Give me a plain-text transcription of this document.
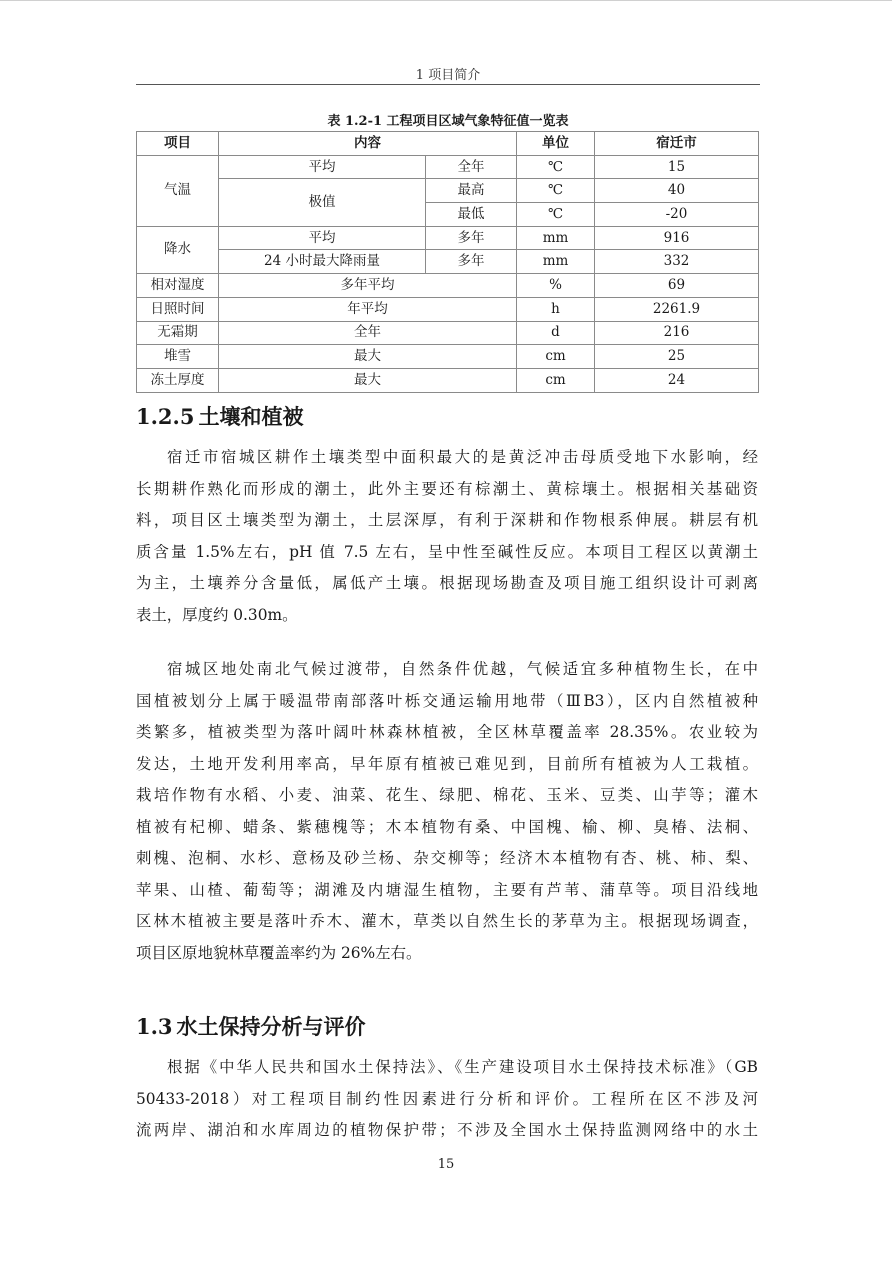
1 项目简介
表 1.2-1 工程项目区域气象特征值一览表
项目	内容		单位	宿迁市
气温	平均	全年	℃	15
	极值	最高	℃	40
		最低	℃	-20
降水	平均	多年	mm	916
	24 小时最大降雨量	多年	mm	332
相对湿度	多年平均		%	69
日照时间	年平均		h	2261.9
无霜期	全年		d	216
堆雪	最大		cm	25
冻土厚度	最大		cm	24
1.2.5 土壤和植被
宿迁市宿城区耕作土壤类型中面积最大的是黄泛冲击母质受地下水影响，经
长期耕作熟化而形成的潮土，此外主要还有棕潮土、黄棕壤土。根据相关基础资
料，项目区土壤类型为潮土，土层深厚，有利于深耕和作物根系伸展。耕层有机
质含量 1.5%左右，pH 值 7.5 左右，呈中性至碱性反应。本项目工程区以黄潮土
为主，土壤养分含量低，属低产土壤。根据现场勘查及项目施工组织设计可剥离
表土，厚度约 0.30m。
宿城区地处南北气候过渡带，自然条件优越，气候适宜多种植物生长，在中
国植被划分上属于暖温带南部落叶栎交通运输用地带（ⅢB3），区内自然植被种
类繁多，植被类型为落叶阔叶林森林植被，全区林草覆盖率 28.35%。农业较为
发达，土地开发利用率高，早年原有植被已难见到，目前所有植被为人工栽植。
栽培作物有水稻、小麦、油菜、花生、绿肥、棉花、玉米、豆类、山芋等；灌木
植被有杞柳、蜡条、紫穗槐等；木本植物有桑、中国槐、榆、柳、臭椿、法桐、
刺槐、泡桐、水杉、意杨及砂兰杨、杂交柳等；经济木本植物有杏、桃、柿、梨、
苹果、山楂、葡萄等；湖滩及内塘湿生植物，主要有芦苇、蒲草等。项目沿线地
区林木植被主要是落叶乔木、灌木，草类以自然生长的茅草为主。根据现场调查，
项目区原地貌林草覆盖率约为 26%左右。
1.3 水土保持分析与评价
根据《中华人民共和国水土保持法》、《生产建设项目水土保持技术标准》（GB
50433-2018）对工程项目制约性因素进行分析和评价。工程所在区不涉及河
流两岸、湖泊和水库周边的植物保护带；不涉及全国水土保持监测网络中的水土
15
